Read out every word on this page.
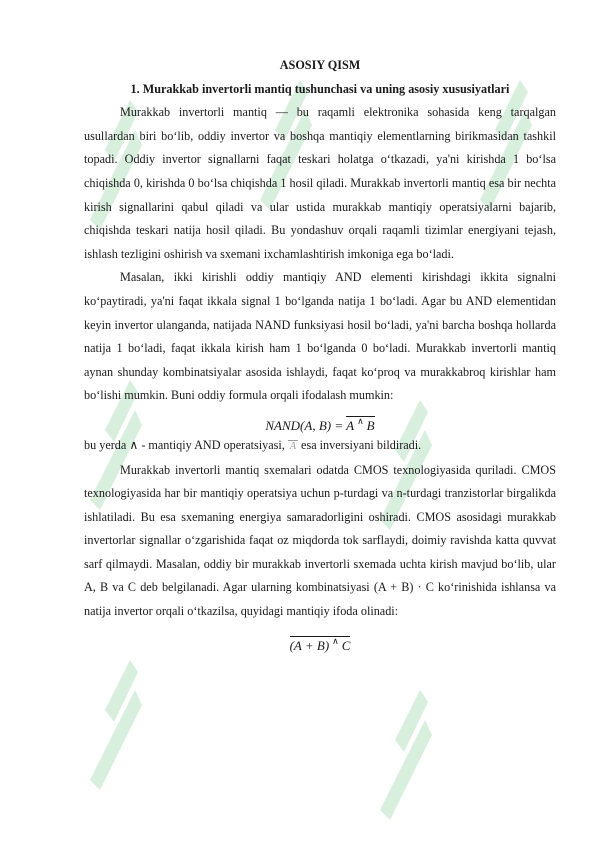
ASOSIY QISM

1. Murakkab invertorli mantiq tushunchasi va uning asosiy xususiyatlari

Murakkab invertorli mantiq — bu raqamli elektronika sohasida keng tarqalgan usullardan biri bo‘lib, oddiy invertor va boshqa mantiqiy elementlarning birikmasidan tashkil topadi. Oddiy invertor signallarni faqat teskari holatga o‘tkazadi, ya'ni kirishda 1 bo‘lsa chiqishda 0, kirishda 0 bo‘lsa chiqishda 1 hosil qiladi. Murakkab invertorli mantiq esa bir nechta kirish signallarini qabul qiladi va ular ustida murakkab mantiqiy operatsiyalarni bajarib, chiqishda teskari natija hosil qiladi. Bu yondashuv orqali raqamli tizimlar energiyani tejash, ishlash tezligini oshirish va sxemani ixchamlashtirish imkoniga ega bo‘ladi.

Masalan, ikki kirishli oddiy mantiqiy AND elementi kirishdagi ikkita signalni ko‘paytiradi, ya'ni faqat ikkala signal 1 bo‘lganda natija 1 bo‘ladi. Agar bu AND elementidan keyin invertor ulanganda, natijada NAND funksiyasi hosil bo‘ladi, ya'ni barcha boshqa hollarda natija 1 bo‘ladi, faqat ikkala kirish ham 1 bo‘lganda 0 bo‘ladi. Murakkab invertorli mantiq aynan shunday kombinatsiyalar asosida ishlaydi, faqat ko‘proq va murakkabroq kirishlar ham bo‘lishi mumkin. Buni oddiy formula orqali ifodalash mumkin:

NAND(A, B) = A ∧ B

bu yerda ∧ - mantiqiy AND operatsiyasi, A esa inversiyani bildiradi.

Murakkab invertorli mantiq sxemalari odatda CMOS texnologiyasida quriladi. CMOS texnologiyasida har bir mantiqiy operatsiya uchun p-turdagi va n-turdagi tranzistorlar birgalikda ishlatiladi. Bu esa sxemaning energiya samaradorligini oshiradi. CMOS asosidagi murakkab invertorlar signallar o‘zgarishida faqat oz miqdorda tok sarflaydi, doimiy ravishda katta quvvat sarf qilmaydi. Masalan, oddiy bir murakkab invertorli sxemada uchta kirish mavjud bo‘lib, ular A, B va C deb belgilanadi. Agar ularning kombinatsiyasi (A + B) · C ko‘rinishida ishlansa va natija invertor orqali o‘tkazilsa, quyidagi mantiqiy ifoda olinadi:

(A + B) ∧ C
